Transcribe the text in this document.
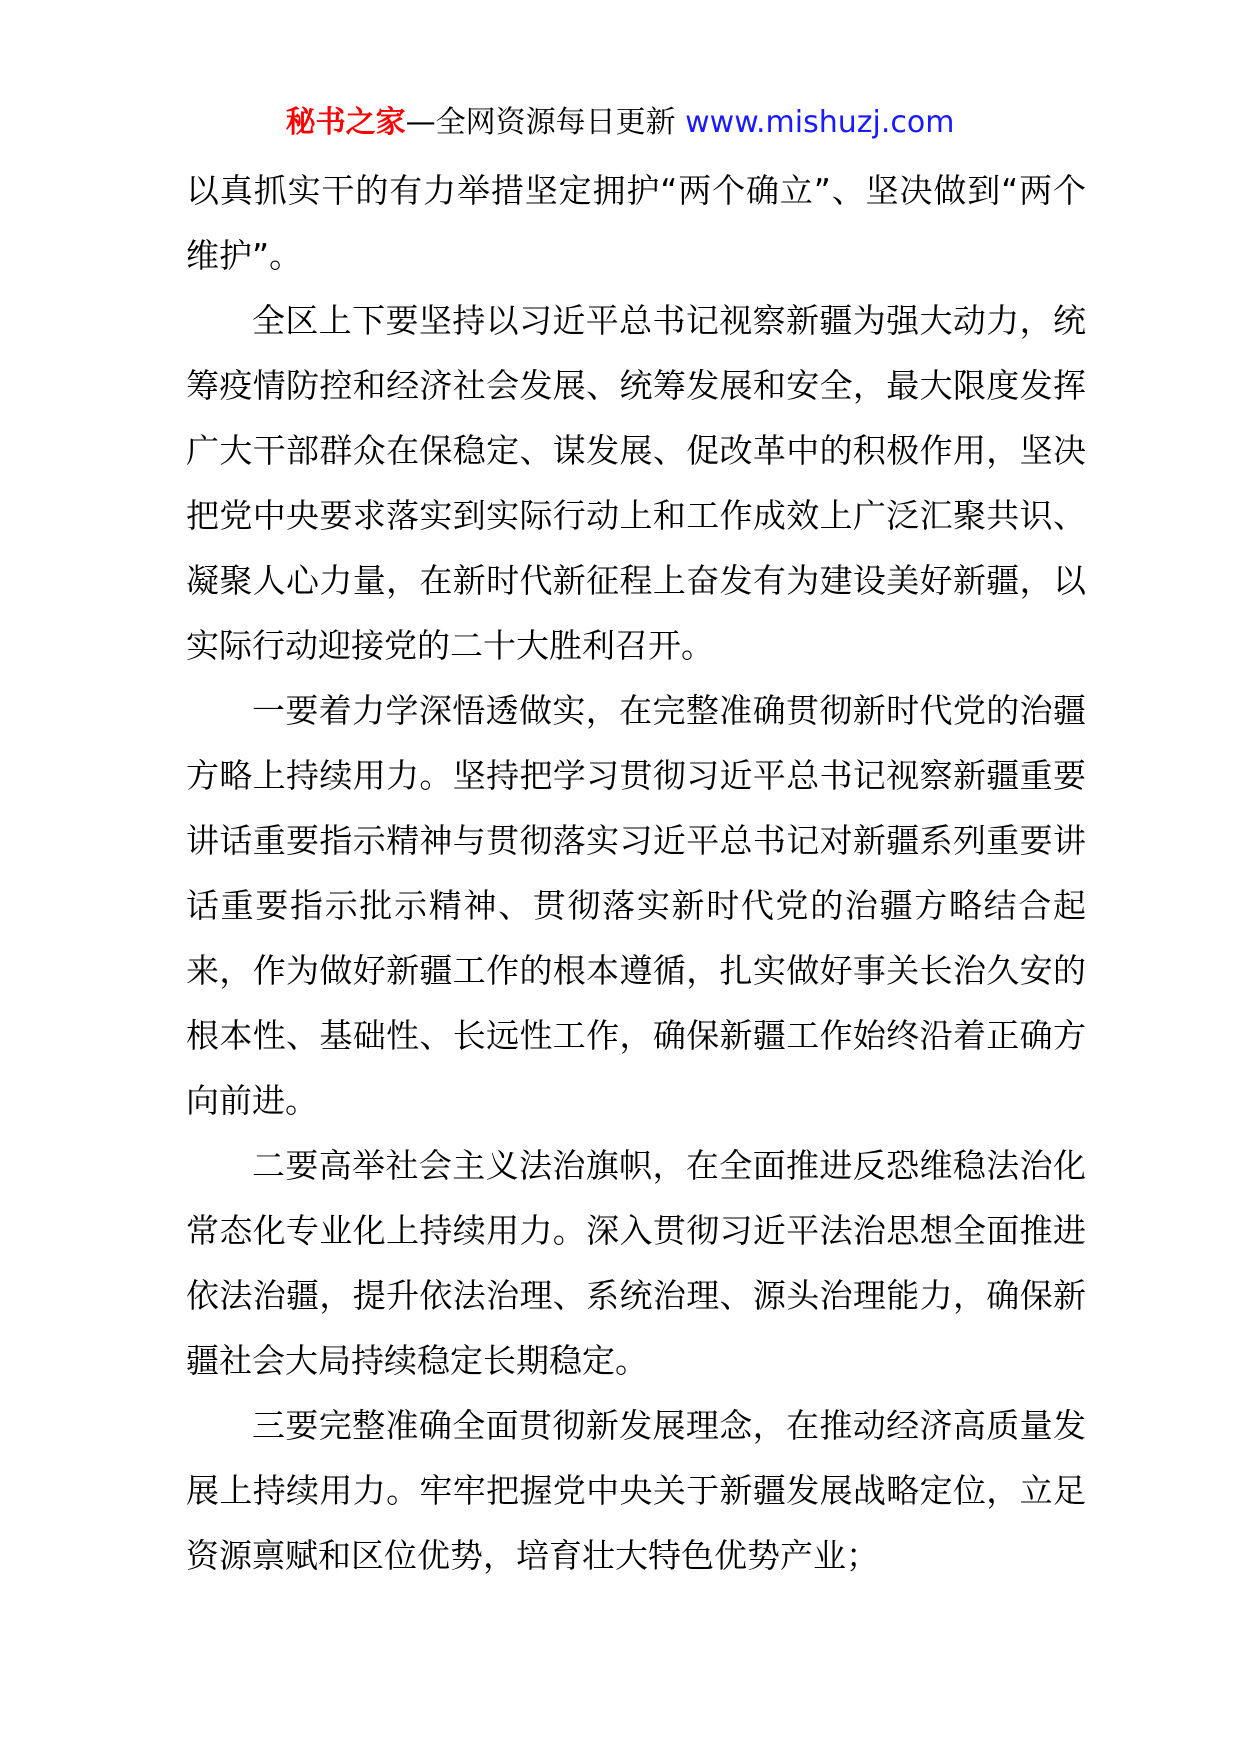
秘书之家—全网资源每日更新 www.mishuzj.com

以真抓实干的有力举措坚定拥护“两个确立”、坚决做到“两个维护”。

全区上下要坚持以习近平总书记视察新疆为强大动力，统筹疫情防控和经济社会发展、统筹发展和安全，最大限度发挥广大干部群众在保稳定、谋发展、促改革中的积极作用，坚决把党中央要求落实到实际行动上和工作成效上广泛汇聚共识、凝聚人心力量，在新时代新征程上奋发有为建设美好新疆，以实际行动迎接党的二十大胜利召开。

一要着力学深悟透做实，在完整准确贯彻新时代党的治疆方略上持续用力。坚持把学习贯彻习近平总书记视察新疆重要讲话重要指示精神与贯彻落实习近平总书记对新疆系列重要讲话重要指示批示精神、贯彻落实新时代党的治疆方略结合起来，作为做好新疆工作的根本遵循，扎实做好事关长治久安的根本性、基础性、长远性工作，确保新疆工作始终沿着正确方向前进。

二要高举社会主义法治旗帜，在全面推进反恐维稳法治化常态化专业化上持续用力。深入贯彻习近平法治思想全面推进依法治疆，提升依法治理、系统治理、源头治理能力，确保新疆社会大局持续稳定长期稳定。

三要完整准确全面贯彻新发展理念，在推动经济高质量发展上持续用力。牢牢把握党中央关于新疆发展战略定位，立足资源禀赋和区位优势，培育壮大特色优势产业；
